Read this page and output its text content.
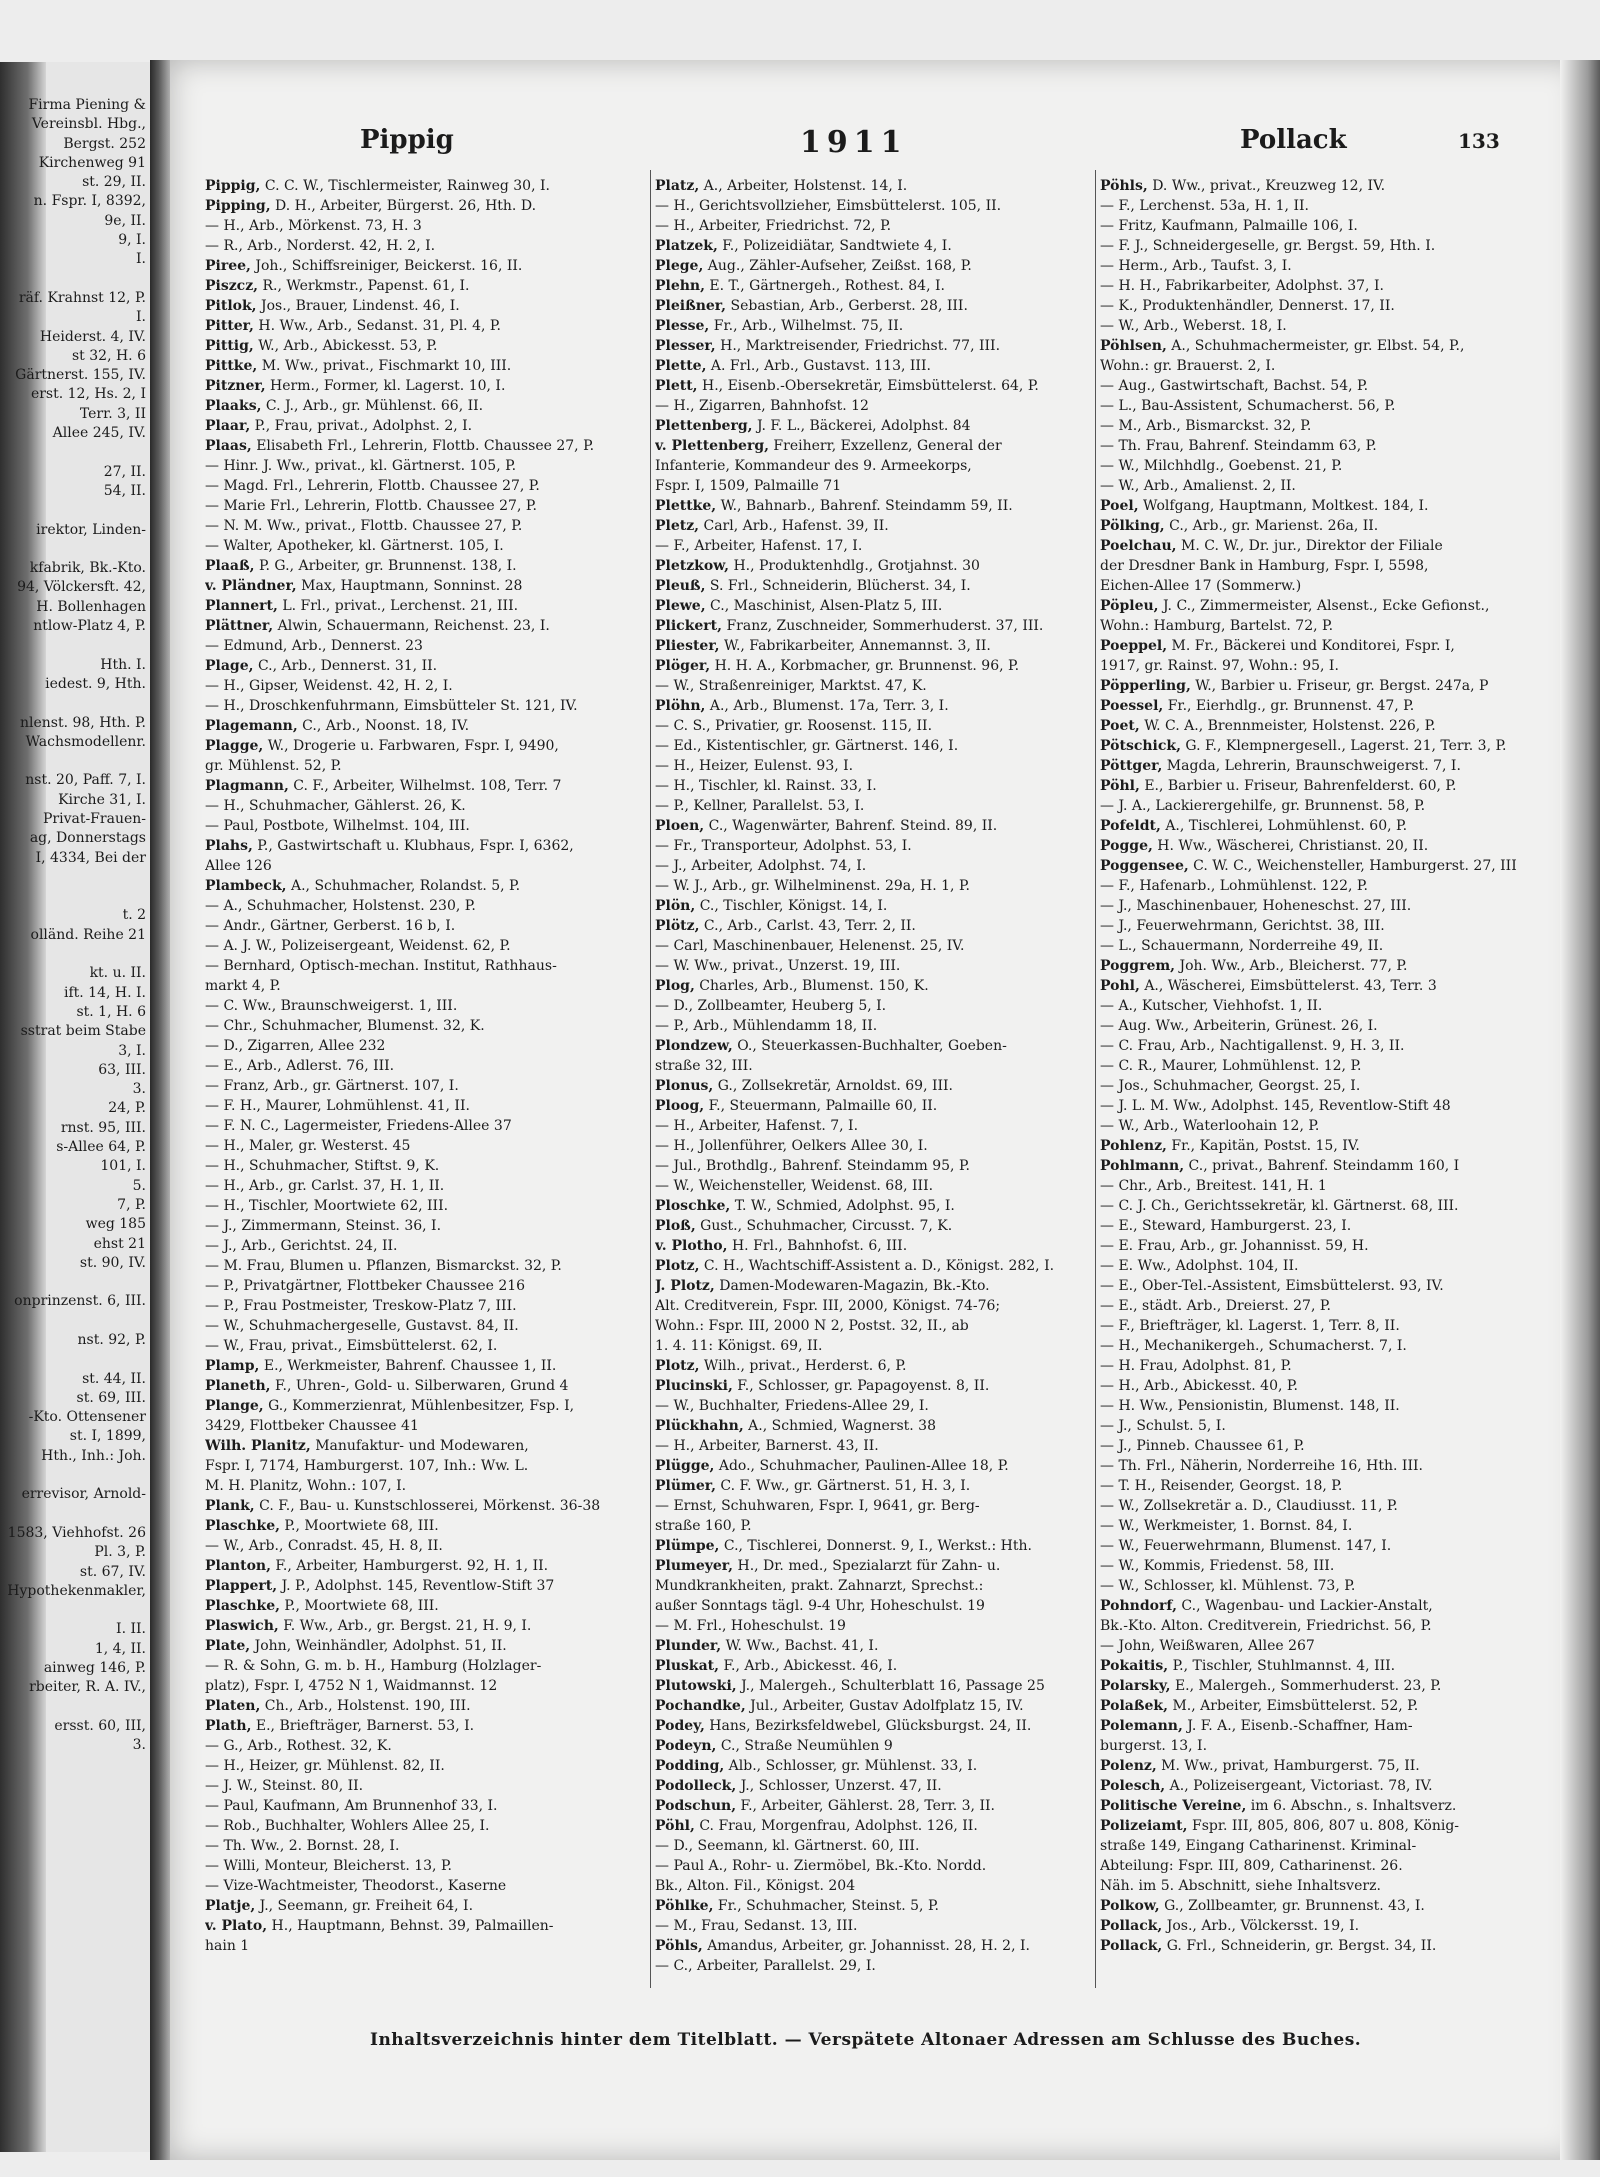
Firma Piening &
Vereinsbl. Hbg.,
Bergst. 252
Kirchenweg 91
st. 29, II.
n. Fspr. I, 8392,
9e, II.
9, I.
I.
räf. Krahnst 12, P.
I.
Heiderst. 4, IV.
st 32, H. 6
Gärtnerst. 155, IV.
erst. 12, Hs. 2, I
Terr. 3, II
Allee 245, IV.
27, II.
54, II.
irektor, Linden-
kfabrik, Bk.-Kto.
94, Völckersft. 42,
H. Bollenhagen
ntlow-Platz 4, P.
Hth. I.
iedest. 9, Hth.
nlenst. 98, Hth. P.
Wachsmodellenr.
nst. 20, Paff. 7, I.
Kirche 31, I.
Privat-Frauen-
ag, Donnerstags
I, 4334, Bei der
t. 2
olländ. Reihe 21
kt. u. II.
ift. 14, H. I.
st. 1, H. 6
sstrat beim Stabe
3, I.
63, III.
3.
24, P.
rnst. 95, III.
s-Allee 64, P.
101, I.
5.
7, P.
weg 185
ehst 21
st. 90, IV.
onprinzenst. 6, III.
nst. 92, P.
st. 44, II.
st. 69, III.
-Kto. Ottensener
st. I, 1899,
Hth., Inh.: Joh.
errevisor, Arnold-
1583, Viehhofst. 26
Pl. 3, P.
st. 67, IV.
Hypothekenmakler,
I. II.
1, 4, II.
ainweg 146, P.
rbeiter, R. A. IV.,
ersst. 60, III,
3.
Pippig	1911	Pollack	133
Pippig, C. C. W., Tischlermeister, Rainweg 30, I.
Pipping, D. H., Arbeiter, Bürgerst. 26, Hth. D.
— H., Arb., Mörkenst. 73, H. 3
— R., Arb., Norderst. 42, H. 2, I.
Piree, Joh., Schiffsreiniger, Beickerst. 16, II.
Piszcz, R., Werkmstr., Papenst. 61, I.
Pitlok, Jos., Brauer, Lindenst. 46, I.
Pitter, H. Ww., Arb., Sedanst. 31, Pl. 4, P.
Pittig, W., Arb., Abickesst. 53, P.
Pittke, M. Ww., privat., Fischmarkt 10, III.
Pitzner, Herm., Former, kl. Lagerst. 10, I.
Plaaks, C. J., Arb., gr. Mühlenst. 66, II.
Plaar, P., Frau, privat., Adolphst. 2, I.
Plaas, Elisabeth Frl., Lehrerin, Flottb. Chaussee 27, P.
— Hinr. J. Ww., privat., kl. Gärtnerst. 105, P.
— Magd. Frl., Lehrerin, Flottb. Chaussee 27, P.
— Marie Frl., Lehrerin, Flottb. Chaussee 27, P.
— N. M. Ww., privat., Flottb. Chaussee 27, P.
— Walter, Apotheker, kl. Gärtnerst. 105, I.
Plaaß, P. G., Arbeiter, gr. Brunnenst. 138, I.
v. Pländner, Max, Hauptmann, Sonninst. 28
Plannert, L. Frl., privat., Lerchenst. 21, III.
Plättner, Alwin, Schauermann, Reichenst. 23, I.
— Edmund, Arb., Dennerst. 23
Plage, C., Arb., Dennerst. 31, II.
— H., Gipser, Weidenst. 42, H. 2, I.
— H., Droschkenfuhrmann, Eimsbütteler St. 121, IV.
Plagemann, C., Arb., Noonst. 18, IV.
Plagge, W., Drogerie u. Farbwaren, Fspr. I, 9490,
gr. Mühlenst. 52, P.
Plagmann, C. F., Arbeiter, Wilhelmst. 108, Terr. 7
— H., Schuhmacher, Gählerst. 26, K.
— Paul, Postbote, Wilhelmst. 104, III.
Plahs, P., Gastwirtschaft u. Klubhaus, Fspr. I, 6362,
Allee 126
Plambeck, A., Schuhmacher, Rolandst. 5, P.
— A., Schuhmacher, Holstenst. 230, P.
— Andr., Gärtner, Gerberst. 16 b, I.
— A. J. W., Polizeisergeant, Weidenst. 62, P.
— Bernhard, Optisch-mechan. Institut, Rathhaus-
markt 4, P.
— C. Ww., Braunschweigerst. 1, III.
— Chr., Schuhmacher, Blumenst. 32, K.
— D., Zigarren, Allee 232
— E., Arb., Adlerst. 76, III.
— Franz, Arb., gr. Gärtnerst. 107, I.
— F. H., Maurer, Lohmühlenst. 41, II.
— F. N. C., Lagermeister, Friedens-Allee 37
— H., Maler, gr. Westerst. 45
— H., Schuhmacher, Stiftst. 9, K.
— H., Arb., gr. Carlst. 37, H. 1, II.
— H., Tischler, Moortwiete 62, III.
— J., Zimmermann, Steinst. 36, I.
— J., Arb., Gerichtst. 24, II.
— M. Frau, Blumen u. Pflanzen, Bismarckst. 32, P.
— P., Privatgärtner, Flottbeker Chaussee 216
— P., Frau Postmeister, Treskow-Platz 7, III.
— W., Schuhmachergeselle, Gustavst. 84, II.
— W., Frau, privat., Eimsbüttelerst. 62, I.
Plamp, E., Werkmeister, Bahrenf. Chaussee 1, II.
Planeth, F., Uhren-, Gold- u. Silberwaren, Grund 4
Plange, G., Kommerzienrat, Mühlenbesitzer, Fsp. I,
3429, Flottbeker Chaussee 41
Wilh. Planitz, Manufaktur- und Modewaren,
Fspr. I, 7174, Hamburgerst. 107, Inh.: Ww. L.
M. H. Planitz, Wohn.: 107, I.
Plank, C. F., Bau- u. Kunstschlosserei, Mörkenst. 36-38
Plaschke, P., Moortwiete 68, III.
— W., Arb., Conradst. 45, H. 8, II.
Planton, F., Arbeiter, Hamburgerst. 92, H. 1, II.
Plappert, J. P., Adolphst. 145, Reventlow-Stift 37
Plaschke, P., Moortwiete 68, III.
Plaswich, F. Ww., Arb., gr. Bergst. 21, H. 9, I.
Plate, John, Weinhändler, Adolphst. 51, II.
— R. & Sohn, G. m. b. H., Hamburg (Holzlager-
platz), Fspr. I, 4752 N 1, Waidmannst. 12
Platen, Ch., Arb., Holstenst. 190, III.
Plath, E., Briefträger, Barnerst. 53, I.
— G., Arb., Rothest. 32, K.
— H., Heizer, gr. Mühlenst. 82, II.
— J. W., Steinst. 80, II.
— Paul, Kaufmann, Am Brunnenhof 33, I.
— Rob., Buchhalter, Wohlers Allee 25, I.
— Th. Ww., 2. Bornst. 28, I.
— Willi, Monteur, Bleicherst. 13, P.
— Vize-Wachtmeister, Theodorst., Kaserne
Platje, J., Seemann, gr. Freiheit 64, I.
v. Plato, H., Hauptmann, Behnst. 39, Palmaillen-
hain 1
Platz, A., Arbeiter, Holstenst. 14, I.
— H., Gerichtsvollzieher, Eimsbüttelerst. 105, II.
— H., Arbeiter, Friedrichst. 72, P.
Platzek, F., Polizeidiätar, Sandtwiete 4, I.
Plege, Aug., Zähler-Aufseher, Zeißst. 168, P.
Plehn, E. T., Gärtnergeh., Rothest. 84, I.
Pleißner, Sebastian, Arb., Gerberst. 28, III.
Plesse, Fr., Arb., Wilhelmst. 75, II.
Plesser, H., Marktreisender, Friedrichst. 77, III.
Plette, A. Frl., Arb., Gustavst. 113, III.
Plett, H., Eisenb.-Obersekretär, Eimsbüttelerst. 64, P.
— H., Zigarren, Bahnhofst. 12
Plettenberg, J. F. L., Bäckerei, Adolphst. 84
v. Plettenberg, Freiherr, Exzellenz, General der
Infanterie, Kommandeur des 9. Armeekorps,
Fspr. I, 1509, Palmaille 71
Plettke, W., Bahnarb., Bahrenf. Steindamm 59, II.
Pletz, Carl, Arb., Hafenst. 39, II.
— F., Arbeiter, Hafenst. 17, I.
Pletzkow, H., Produktenhdlg., Grotjahnst. 30
Pleuß, S. Frl., Schneiderin, Blücherst. 34, I.
Plewe, C., Maschinist, Alsen-Platz 5, III.
Plickert, Franz, Zuschneider, Sommerhuderst. 37, III.
Pliester, W., Fabrikarbeiter, Annemannst. 3, II.
Plöger, H. H. A., Korbmacher, gr. Brunnenst. 96, P.
— W., Straßenreiniger, Marktst. 47, K.
Plöhn, A., Arb., Blumenst. 17a, Terr. 3, I.
— C. S., Privatier, gr. Roosenst. 115, II.
— Ed., Kistentischler, gr. Gärtnerst. 146, I.
— H., Heizer, Eulenst. 93, I.
— H., Tischler, kl. Rainst. 33, I.
— P., Kellner, Parallelst. 53, I.
Ploen, C., Wagenwärter, Bahrenf. Steind. 89, II.
— Fr., Transporteur, Adolphst. 53, I.
— J., Arbeiter, Adolphst. 74, I.
— W. J., Arb., gr. Wilhelminenst. 29a, H. 1, P.
Plön, C., Tischler, Königst. 14, I.
Plötz, C., Arb., Carlst. 43, Terr. 2, II.
— Carl, Maschinenbauer, Helenenst. 25, IV.
— W. Ww., privat., Unzerst. 19, III.
Plog, Charles, Arb., Blumenst. 150, K.
— D., Zollbeamter, Heuberg 5, I.
— P., Arb., Mühlendamm 18, II.
Plondzew, O., Steuerkassen-Buchhalter, Goeben-
straße 32, III.
Plonus, G., Zollsekretär, Arnoldst. 69, III.
Ploog, F., Steuermann, Palmaille 60, II.
— H., Arbeiter, Hafenst. 7, I.
— H., Jollenführer, Oelkers Allee 30, I.
— Jul., Brothdlg., Bahrenf. Steindamm 95, P.
— W., Weichensteller, Weidenst. 68, III.
Ploschke, T. W., Schmied, Adolphst. 95, I.
Ploß, Gust., Schuhmacher, Circusst. 7, K.
v. Plotho, H. Frl., Bahnhofst. 6, III.
Plotz, C. H., Wachtschiff-Assistent a. D., Königst. 282, I.
J. Plotz, Damen-Modewaren-Magazin, Bk.-Kto.
Alt. Creditverein, Fspr. III, 2000, Königst. 74-76;
Wohn.: Fspr. III, 2000 N 2, Postst. 32, II., ab
1. 4. 11: Königst. 69, II.
Plotz, Wilh., privat., Herderst. 6, P.
Plucinski, F., Schlosser, gr. Papagoyenst. 8, II.
— W., Buchhalter, Friedens-Allee 29, I.
Plückhahn, A., Schmied, Wagnerst. 38
— H., Arbeiter, Barnerst. 43, II.
Plügge, Ado., Schuhmacher, Paulinen-Allee 18, P.
Plümer, C. F. Ww., gr. Gärtnerst. 51, H. 3, I.
— Ernst, Schuhwaren, Fspr. I, 9641, gr. Berg-
straße 160, P.
Plümpe, C., Tischlerei, Donnerst. 9, I., Werkst.: Hth.
Plumeyer, H., Dr. med., Spezialarzt für Zahn- u.
Mundkrankheiten, prakt. Zahnarzt, Sprechst.:
außer Sonntags tägl. 9-4 Uhr, Hoheschulst. 19
— M. Frl., Hoheschulst. 19
Plunder, W. Ww., Bachst. 41, I.
Pluskat, F., Arb., Abickesst. 46, I.
Plutowski, J., Malergeh., Schulterblatt 16, Passage 25
Pochandke, Jul., Arbeiter, Gustav Adolfplatz 15, IV.
Podey, Hans, Bezirksfeldwebel, Glücksburgst. 24, II.
Podeyn, C., Straße Neumühlen 9
Podding, Alb., Schlosser, gr. Mühlenst. 33, I.
Podolleck, J., Schlosser, Unzerst. 47, II.
Podschun, F., Arbeiter, Gählerst. 28, Terr. 3, II.
Pöhl, C. Frau, Morgenfrau, Adolphst. 126, II.
— D., Seemann, kl. Gärtnerst. 60, III.
— Paul A., Rohr- u. Ziermöbel, Bk.-Kto. Nordd.
Bk., Alton. Fil., Königst. 204
Pöhlke, Fr., Schuhmacher, Steinst. 5, P.
— M., Frau, Sedanst. 13, III.
Pöhls, Amandus, Arbeiter, gr. Johannisst. 28, H. 2, I.
— C., Arbeiter, Parallelst. 29, I.
Pöhls, D. Ww., privat., Kreuzweg 12, IV.
— F., Lerchenst. 53a, H. 1, II.
— Fritz, Kaufmann, Palmaille 106, I.
— F. J., Schneidergeselle, gr. Bergst. 59, Hth. I.
— Herm., Arb., Taufst. 3, I.
— H. H., Fabrikarbeiter, Adolphst. 37, I.
— K., Produktenhändler, Dennerst. 17, II.
— W., Arb., Weberst. 18, I.
Pöhlsen, A., Schuhmachermeister, gr. Elbst. 54, P.,
Wohn.: gr. Brauerst. 2, I.
— Aug., Gastwirtschaft, Bachst. 54, P.
— L., Bau-Assistent, Schumacherst. 56, P.
— M., Arb., Bismarckst. 32, P.
— Th. Frau, Bahrenf. Steindamm 63, P.
— W., Milchhdlg., Goebenst. 21, P.
— W., Arb., Amalienst. 2, II.
Poel, Wolfgang, Hauptmann, Moltkest. 184, I.
Pölking, C., Arb., gr. Marienst. 26a, II.
Poelchau, M. C. W., Dr. jur., Direktor der Filiale
der Dresdner Bank in Hamburg, Fspr. I, 5598,
Eichen-Allee 17 (Sommerw.)
Pöpleu, J. C., Zimmermeister, Alsenst., Ecke Gefionst.,
Wohn.: Hamburg, Bartelst. 72, P.
Poeppel, M. Fr., Bäckerei und Konditorei, Fspr. I,
1917, gr. Rainst. 97, Wohn.: 95, I.
Pöpperling, W., Barbier u. Friseur, gr. Bergst. 247a, P
Poessel, Fr., Eierhdlg., gr. Brunnenst. 47, P.
Poet, W. C. A., Brennmeister, Holstenst. 226, P.
Pötschick, G. F., Klempnergesell., Lagerst. 21, Terr. 3, P.
Pöttger, Magda, Lehrerin, Braunschweigerst. 7, I.
Pöhl, E., Barbier u. Friseur, Bahrenfelderst. 60, P.
— J. A., Lackierergehilfe, gr. Brunnenst. 58, P.
Pofeldt, A., Tischlerei, Lohmühlenst. 60, P.
Pogge, H. Ww., Wäscherei, Christianst. 20, II.
Poggensee, C. W. C., Weichensteller, Hamburgerst. 27, III
— F., Hafenarb., Lohmühlenst. 122, P.
— J., Maschinenbauer, Hoheneschst. 27, III.
— J., Feuerwehrmann, Gerichtst. 38, III.
— L., Schauermann, Norderreihe 49, II.
Poggrem, Joh. Ww., Arb., Bleicherst. 77, P.
Pohl, A., Wäscherei, Eimsbüttelerst. 43, Terr. 3
— A., Kutscher, Viehhofst. 1, II.
— Aug. Ww., Arbeiterin, Grünest. 26, I.
— C. Frau, Arb., Nachtigallenst. 9, H. 3, II.
— C. R., Maurer, Lohmühlenst. 12, P.
— Jos., Schuhmacher, Georgst. 25, I.
— J. L. M. Ww., Adolphst. 145, Reventlow-Stift 48
— W., Arb., Waterloohain 12, P.
Pohlenz, Fr., Kapitän, Postst. 15, IV.
Pohlmann, C., privat., Bahrenf. Steindamm 160, I
— Chr., Arb., Breitest. 141, H. 1
— C. J. Ch., Gerichtssekretär, kl. Gärtnerst. 68, III.
— E., Steward, Hamburgerst. 23, I.
— E. Frau, Arb., gr. Johannisst. 59, H.
— E. Ww., Adolphst. 104, II.
— E., Ober-Tel.-Assistent, Eimsbüttelerst. 93, IV.
— E., städt. Arb., Dreierst. 27, P.
— F., Briefträger, kl. Lagerst. 1, Terr. 8, II.
— H., Mechanikergeh., Schumacherst. 7, I.
— H. Frau, Adolphst. 81, P.
— H., Arb., Abickesst. 40, P.
— H. Ww., Pensionistin, Blumenst. 148, II.
— J., Schulst. 5, I.
— J., Pinneb. Chaussee 61, P.
— Th. Frl., Näherin, Norderreihe 16, Hth. III.
— T. H., Reisender, Georgst. 18, P.
— W., Zollsekretär a. D., Claudiusst. 11, P.
— W., Werkmeister, 1. Bornst. 84, I.
— W., Feuerwehrmann, Blumenst. 147, I.
— W., Kommis, Friedenst. 58, III.
— W., Schlosser, kl. Mühlenst. 73, P.
Pohndorf, C., Wagenbau- und Lackier-Anstalt,
Bk.-Kto. Alton. Creditverein, Friedrichst. 56, P.
— John, Weißwaren, Allee 267
Pokaitis, P., Tischler, Stuhlmannst. 4, III.
Polarsky, E., Malergeh., Sommerhuderst. 23, P.
Polaßek, M., Arbeiter, Eimsbüttelerst. 52, P.
Polemann, J. F. A., Eisenb.-Schaffner, Ham-
burgerst. 13, I.
Polenz, M. Ww., privat, Hamburgerst. 75, II.
Polesch, A., Polizeisergeant, Victoriast. 78, IV.
Politische Vereine, im 6. Abschn., s. Inhaltsverz.
Polizeiamt, Fspr. III, 805, 806, 807 u. 808, König-
straße 149, Eingang Catharinenst. Kriminal-
Abteilung: Fspr. III, 809, Catharinenst. 26.
Näh. im 5. Abschnitt, siehe Inhaltsverz.
Polkow, G., Zollbeamter, gr. Brunnenst. 43, I.
Pollack, Jos., Arb., Völckersst. 19, I.
Pollack, G. Frl., Schneiderin, gr. Bergst. 34, II.
Inhaltsverzeichnis hinter dem Titelblatt. — Verspätete Altonaer Adressen am Schlusse des Buches.
